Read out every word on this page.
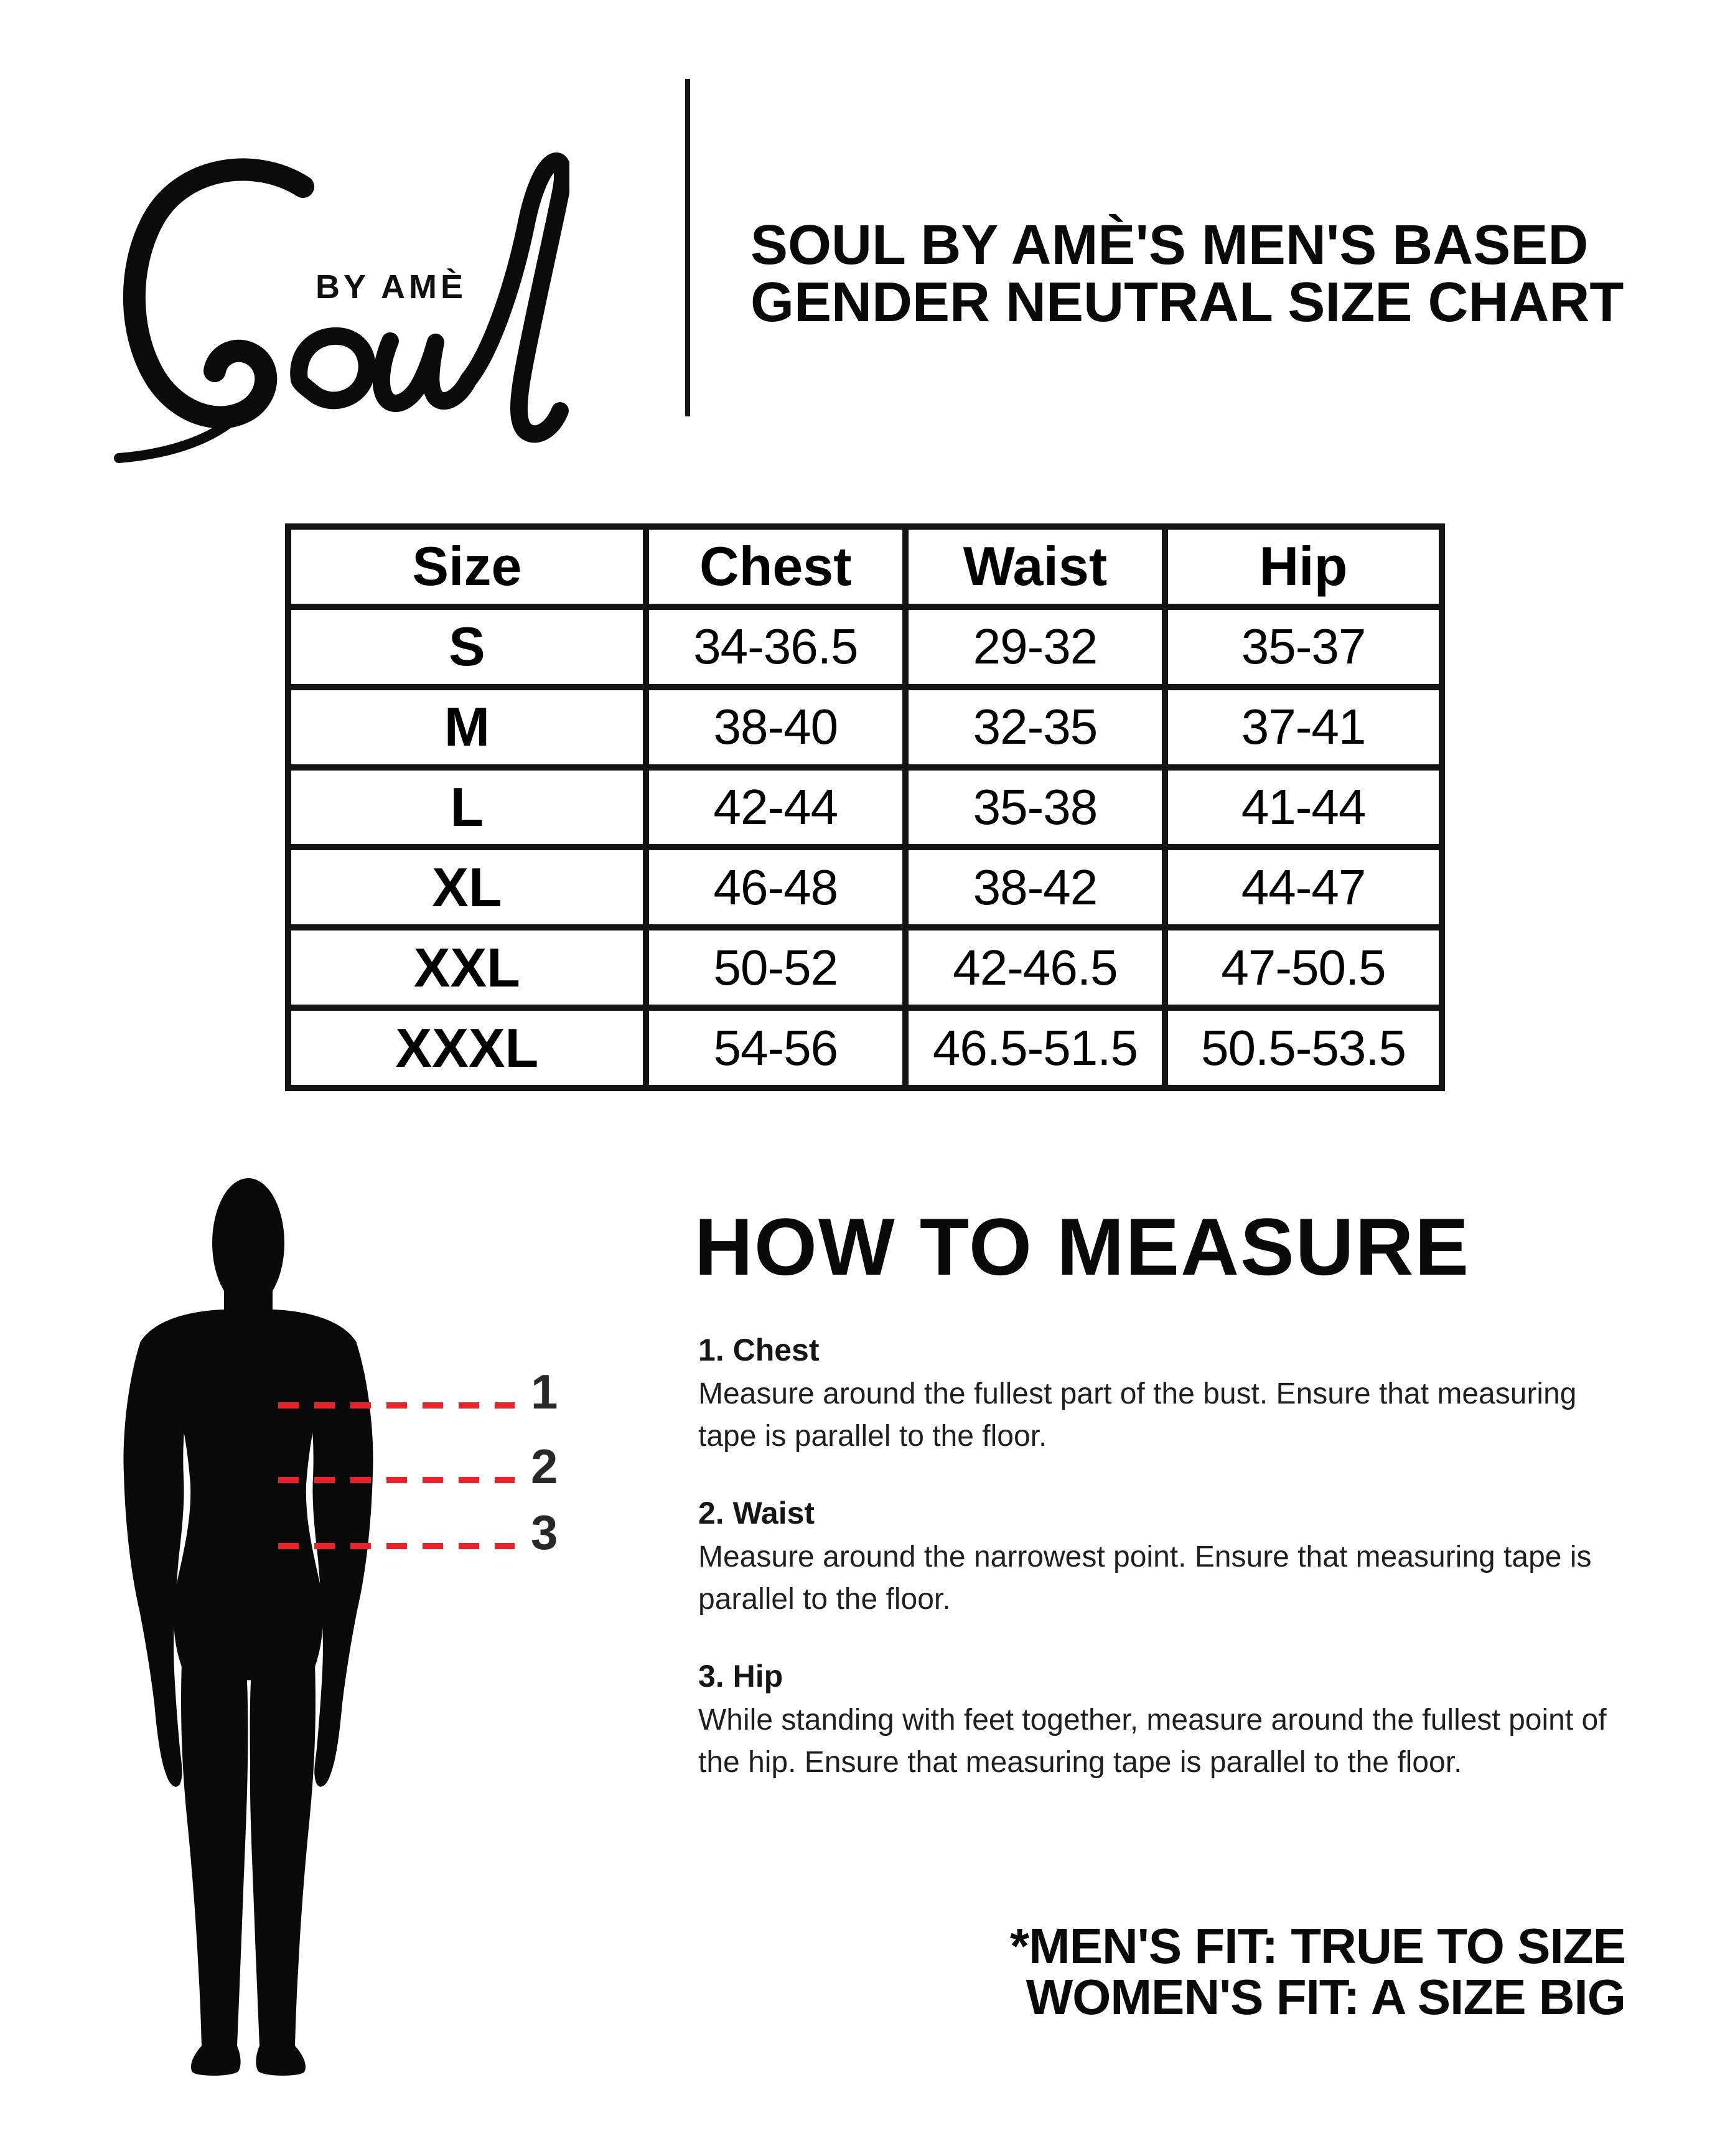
BY AMÈ
SOUL BY AMÈ'S MEN'S BASED
GENDER NEUTRAL SIZE CHART
Size	Chest	Waist	Hip
S	34-36.5	29-32	35-37
M	38-40	32-35	37-41
L	42-44	35-38	41-44
XL	46-48	38-42	44-47
XXL	50-52	42-46.5	47-50.5
XXXL	54-56	46.5-51.5	50.5-53.5
1
2
3
HOW TO MEASURE
1. Chest

Measure around the fullest part of the bust. Ensure that measuring tape is parallel to the floor.

2. Waist

Measure around the narrowest point. Ensure that measuring tape is parallel to the floor.

3. Hip

While standing with feet together, measure around the fullest point of the hip. Ensure that measuring tape is parallel to the floor.

*MEN'S FIT: TRUE TO SIZE
WOMEN'S FIT: A SIZE BIG
